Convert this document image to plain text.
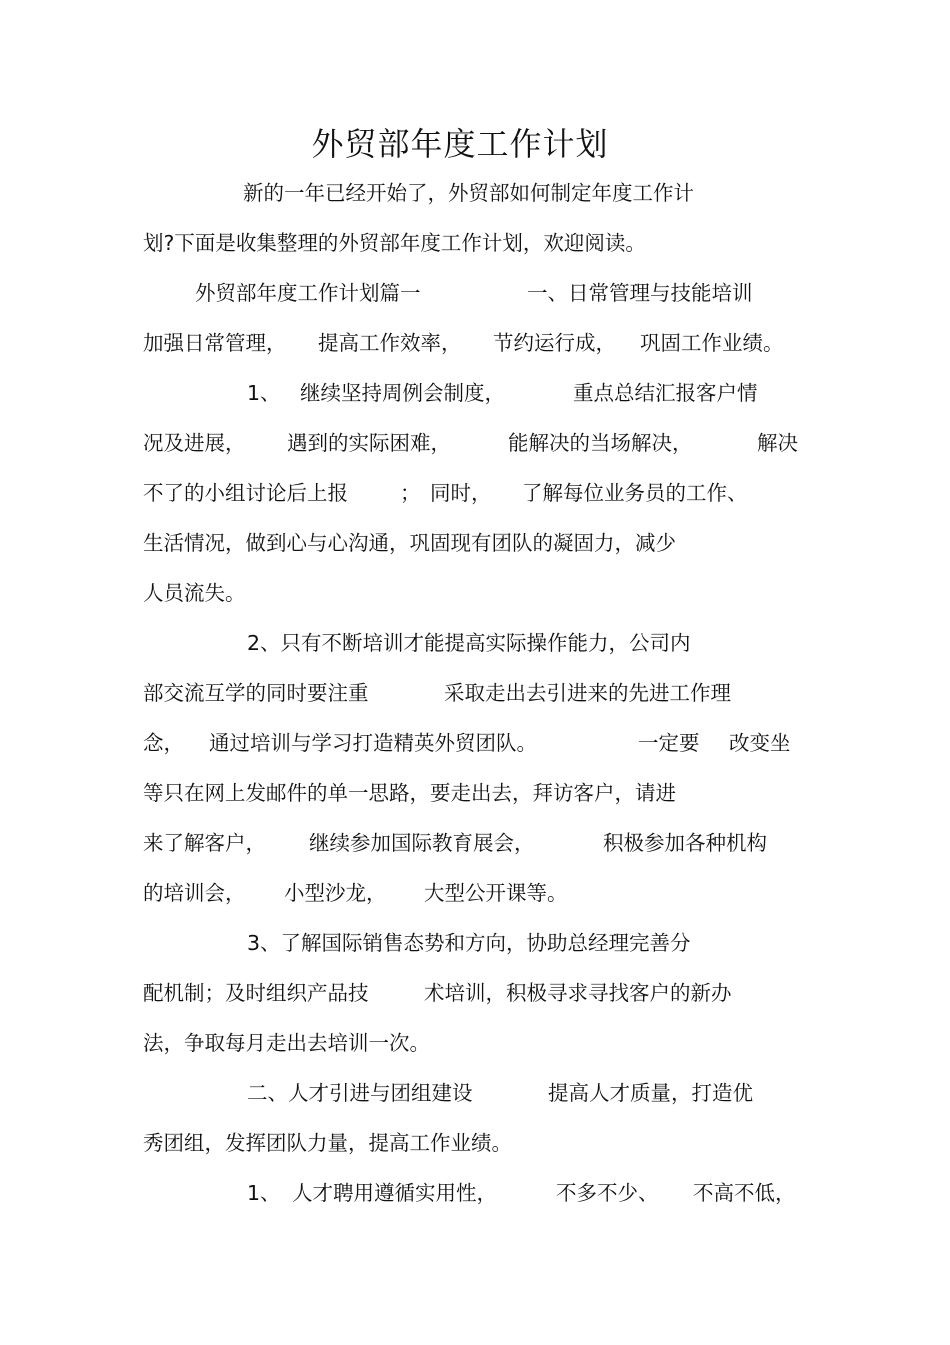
外贸部年度工作计划
新的一年已经开始了，外贸部如何制定年度工作计
划?下面是收集整理的外贸部年度工作计划，欢迎阅读。
外贸部年度工作计划篇一	一、日常管理与技能培训
加强日常管理， 提高工作效率， 节约运行成， 巩固工作业绩。
1、 继续坚持周例会制度，	重点总结汇报客户情
况及进展， 遇到的实际困难，	能解决的当场解决，	解决
不了的小组讨论后上报	； 同时， 了解每位业务员的工作、
生活情况，做到心与心沟通，巩固现有团队的凝固力，减少
人员流失。
2、只有不断培训才能提高实际操作能力，公司内
部交流互学的同时要注重	采取走出去引进来的先进工作理
念， 通过培训与学习打造精英外贸团队。	一定要 改变坐
等只在网上发邮件的单一思路，要走出去，拜访客户，请进
来了解客户， 继续参加国际教育展会，	积极参加各种机构
的培训会， 小型沙龙， 大型公开课等。
3、了解国际销售态势和方向，协助总经理完善分
配机制；及时组织产品技	术培训，积极寻求寻找客户的新办
法，争取每月走出去培训一次。
二、人才引进与团组建设	提高人才质量，打造优
秀团组，发挥团队力量，提高工作业绩。
1、 人才聘用遵循实用性，	不多不少、 不高不低，
